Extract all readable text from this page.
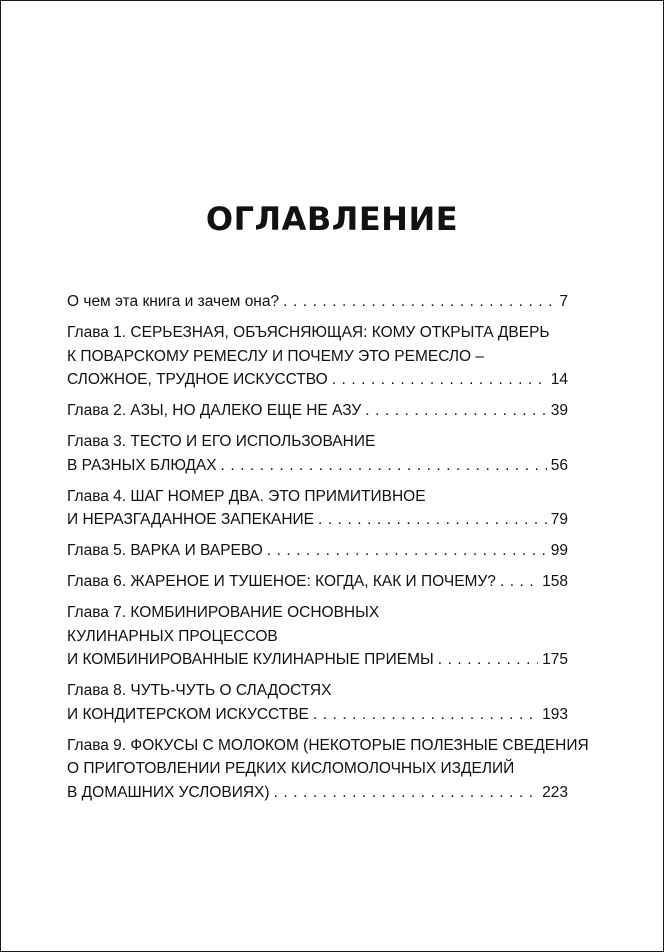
ОГЛАВЛЕНИЕ
О чем эта книга и зачем она? . . .	7
Глава 1. СЕРЬЕЗНАЯ, ОБЪЯСНЯЮЩАЯ: КОМУ ОТКРЫТА ДВЕРЬ
К ПОВАРСКОМУ РЕМЕСЛУ И ПОЧЕМУ ЭТО РЕМЕСЛО –
СЛОЖНОЕ, ТРУДНОЕ ИСКУССТВО . . .	14
Глава 2. АЗЫ, НО ДАЛЕКО ЕЩЕ НЕ АЗУ . . .	39
Глава 3. ТЕСТО И ЕГО ИСПОЛЬЗОВАНИЕ
В РАЗНЫХ БЛЮДАХ . . .	56
Глава 4. ШАГ НОМЕР ДВА. ЭТО ПРИМИТИВНОЕ
И НЕРАЗГАДАННОЕ ЗАПЕКАНИЕ . . .	79
Глава 5. ВАРКА И ВАРЕВО . . .	99
Глава 6. ЖАРЕНОЕ И ТУШЕНОЕ: КОГДА, КАК И ПОЧЕМУ? . . .	158
Глава 7. КОМБИНИРОВАНИЕ ОСНОВНЫХ
КУЛИНАРНЫХ ПРОЦЕССОВ
И КОМБИНИРОВАННЫЕ КУЛИНАРНЫЕ ПРИЕМЫ . . .	175
Глава 8. ЧУТЬ-ЧУТЬ О СЛАДОСТЯХ
И КОНДИТЕРСКОМ ИСКУССТВЕ . . .	193
Глава 9. ФОКУСЫ С МОЛОКОМ (НЕКОТОРЫЕ ПОЛЕЗНЫЕ СВЕДЕНИЯ
О ПРИГОТОВЛЕНИИ РЕДКИХ КИСЛОМОЛОЧНЫХ ИЗДЕЛИЙ
В ДОМАШНИХ УСЛОВИЯХ) . . .	223
